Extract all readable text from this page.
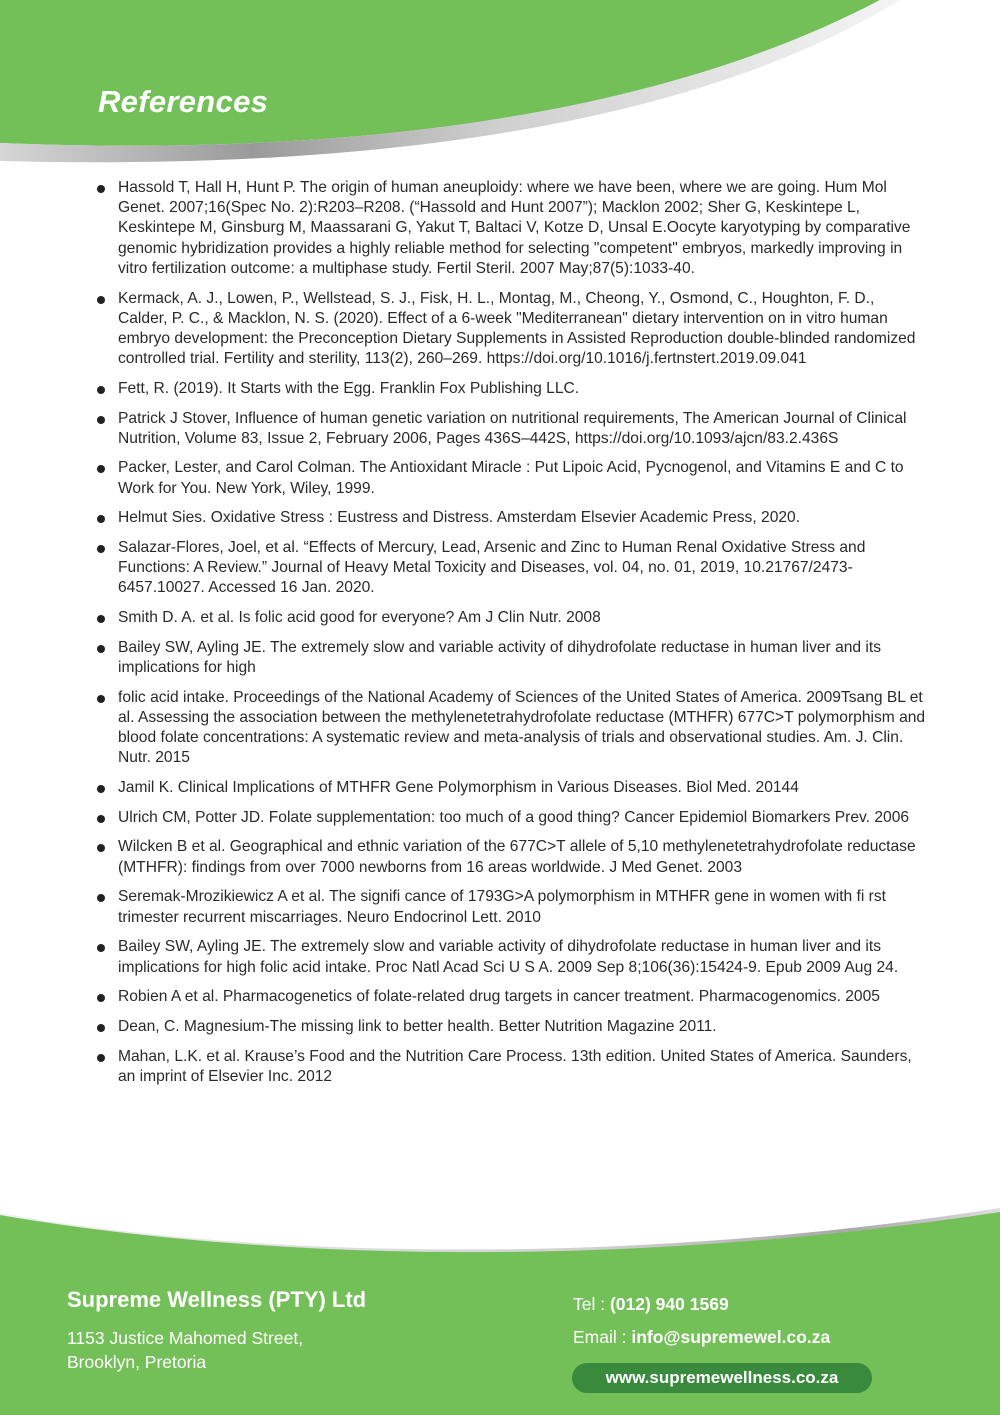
References
Hassold T, Hall H, Hunt P. The origin of human aneuploidy: where we have been, where we are going. Hum Mol Genet. 2007;16(Spec No. 2):R203–R208. (“Hassold and Hunt 2007”); Macklon 2002; Sher G, Keskintepe L, Keskintepe M, Ginsburg M, Maassarani G, Yakut T, Baltaci V, Kotze D, Unsal E.Oocyte karyotyping by comparative genomic hybridization provides a highly reliable method for selecting "competent" embryos, markedly improving in vitro fertilization outcome: a multiphase study. Fertil Steril. 2007 May;87(5):1033-40.
Kermack, A. J., Lowen, P., Wellstead, S. J., Fisk, H. L., Montag, M., Cheong, Y., Osmond, C., Houghton, F. D., Calder, P. C., & Macklon, N. S. (2020). Effect of a 6-week "Mediterranean" dietary intervention on in vitro human embryo development: the Preconception Dietary Supplements in Assisted Reproduction double-blinded randomized controlled trial. Fertility and sterility, 113(2), 260–269. https://doi.org/10.1016/j.fertnstert.2019.09.041
Fett, R. (2019). It Starts with the Egg. Franklin Fox Publishing LLC.
Patrick J Stover, Influence of human genetic variation on nutritional requirements, The American Journal of Clinical Nutrition, Volume 83, Issue 2, February 2006, Pages 436S–442S, https://doi.org/10.1093/ajcn/83.2.436S
Packer, Lester, and Carol Colman. The Antioxidant Miracle : Put Lipoic Acid, Pycnogenol, and Vitamins E and C to Work for You. New York, Wiley, 1999.
Helmut Sies. Oxidative Stress : Eustress and Distress. Amsterdam Elsevier Academic Press, 2020.
Salazar-Flores, Joel, et al. “Effects of Mercury, Lead, Arsenic and Zinc to Human Renal Oxidative Stress and Functions: A Review.” Journal of Heavy Metal Toxicity and Diseases, vol. 04, no. 01, 2019, 10.21767/2473-6457.10027. Accessed 16 Jan. 2020.
Smith D. A. et al. Is folic acid good for everyone? Am J Clin Nutr. 2008
Bailey SW, Ayling JE. The extremely slow and variable activity of dihydrofolate reductase in human liver and its implications for high
folic acid intake. Proceedings of the National Academy of Sciences of the United States of America. 2009Tsang BL et al. Assessing the association between the methylenetetrahydrofolate reductase (MTHFR) 677C>T polymorphism and blood folate concentrations: A systematic review and meta-analysis of trials and observational studies. Am. J. Clin. Nutr. 2015
Jamil K. Clinical Implications of MTHFR Gene Polymorphism in Various Diseases. Biol Med. 20144
Ulrich CM, Potter JD. Folate supplementation: too much of a good thing? Cancer Epidemiol Biomarkers Prev. 2006
Wilcken B et al. Geographical and ethnic variation of the 677C>T allele of 5,10 methylenetetrahydrofolate reductase (MTHFR): findings from over 7000 newborns from 16 areas worldwide. J Med Genet. 2003
Seremak-Mrozikiewicz A et al. The signifi cance of 1793G>A polymorphism in MTHFR gene in women with fi rst trimester recurrent miscarriages. Neuro Endocrinol Lett. 2010
Bailey SW, Ayling JE. The extremely slow and variable activity of dihydrofolate reductase in human liver and its implications for high folic acid intake. Proc Natl Acad Sci U S A. 2009 Sep 8;106(36):15424-9. Epub 2009 Aug 24.
Robien A et al. Pharmacogenetics of folate-related drug targets in cancer treatment. Pharmacogenomics. 2005
Dean, C. Magnesium-The missing link to better health. Better Nutrition Magazine 2011.
Mahan, L.K. et al. Krause’s Food and the Nutrition Care Process. 13th edition. United States of America. Saunders, an imprint of Elsevier Inc. 2012

Supreme Wellness (PTY) Ltd

1153 Justice Mahomed Street,
Brooklyn, Pretoria
Tel : (012) 940 1569
Email : info@supremewel.co.za
www.supremewellness.co.za
